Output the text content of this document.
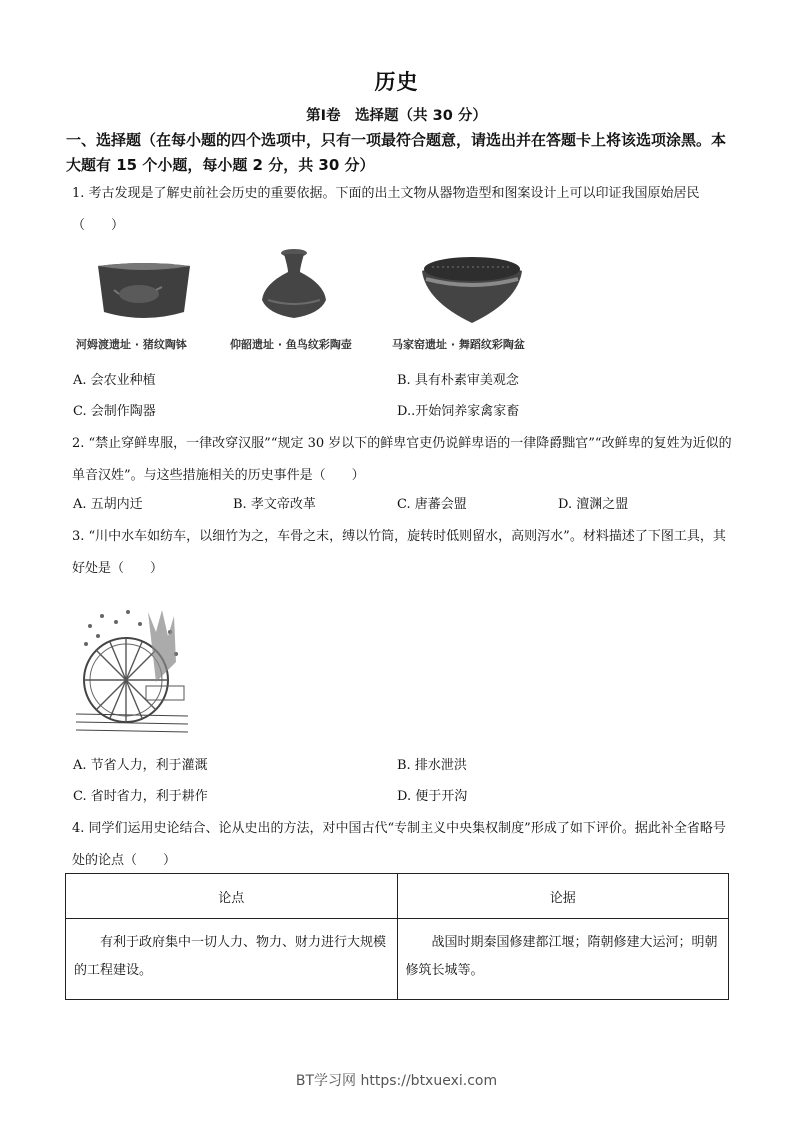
历史
第Ⅰ卷　选择题（共 30 分）
一、选择题（在每小题的四个选项中，只有一项最符合题意，请选出并在答题卡上将该选项涂黑。本大题有 15 个小题，每小题 2 分，共 30 分）
1. 考古发现是了解史前社会历史的重要依据。下面的出土文物从器物造型和图案设计上可以印证我国原始居民（　　）
河姆渡遗址 · 猪纹陶钵	仰韶遗址 · 鱼鸟纹彩陶壶	马家窑遗址 · 舞蹈纹彩陶盆
A. 会农业种植	B. 具有朴素审美观念
C. 会制作陶器	D..开始饲养家禽家畜
2. “禁止穿鲜卑服，一律改穿汉服”“规定 30 岁以下的鲜卑官吏仍说鲜卑语的一律降爵黜官”“改鲜卑的复姓为近似的单音汉姓”。与这些措施相关的历史事件是（　　）
A. 五胡内迁	B. 孝文帝改革	C. 唐蕃会盟	D. 澶渊之盟
3. “川中水车如纺车，以细竹为之，车骨之末，缚以竹筒，旋转时低则留水，高则泻水”。材料描述了下图工具，其好处是（　　）
A. 节省人力，利于灌溉	B. 排水泄洪
C. 省时省力，利于耕作	D. 便于开沟
4. 同学们运用史论结合、论从史出的方法，对中国古代“专制主义中央集权制度”形成了如下评价。据此补全省略号处的论点（　　）
论点	论据
有利于政府集中一切人力、物力、财力进行大规模的工程建设。	战国时期秦国修建都江堰；隋朝修建大运河；明朝修筑长城等。
BT学习网 https://btxuexi.com
